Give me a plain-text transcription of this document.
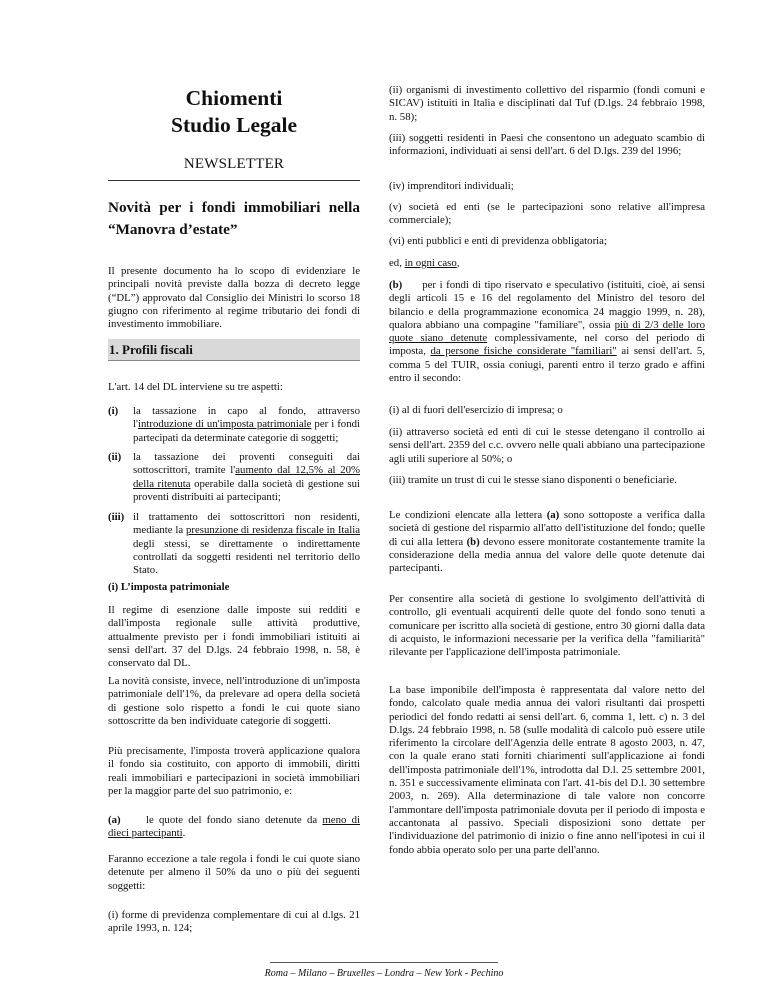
Chiomenti
Studio Legale
NEWSLETTER
Novità per i fondi immobiliari nella “Manovra d’estate”

Il presente documento ha lo scopo di evidenziare le principali novità previste dalla bozza di decreto legge (“DL”) approvato dal Consiglio dei Ministri lo scorso 18 giugno con riferimento al regime tributario dei fondi di investimento immobiliare.

1. Profili fiscali

L'art. 14 del DL interviene su tre aspetti:

(i) la tassazione in capo al fondo, attraverso l'introduzione di un'imposta patrimoniale per i fondi partecipati da determinate categorie di soggetti;

(ii) la tassazione dei proventi conseguiti dai sottoscrittori, tramite l'aumento dal 12,5% al 20% della ritenuta operabile dalla società di gestione sui proventi distribuiti ai partecipanti;

(iii) il trattamento dei sottoscrittori non residenti, mediante la presunzione di residenza fiscale in Italia degli stessi, se direttamente o indirettamente controllati da soggetti residenti nel territorio dello Stato.

(i) L’imposta patrimoniale

Il regime di esenzione dalle imposte sui redditi e dall'imposta regionale sulle attività produttive, attualmente previsto per i fondi immobiliari istituiti ai sensi dell'art. 37 del D.lgs. 24 febbraio 1998, n. 58, è conservato dal DL.

La novità consiste, invece, nell'introduzione di un'imposta patrimoniale dell'1%, da prelevare ad opera della società di gestione solo rispetto a fondi le cui quote siano sottoscritte da ben individuate categorie di soggetti.

Più precisamente, l'imposta troverà applicazione qualora il fondo sia costituito, con apporto di immobili, diritti reali immobiliari e partecipazioni in società immobiliari per la maggior parte del suo patrimonio, e:

(a)	le quote del fondo siano detenute da meno di dieci partecipanti.

Faranno eccezione a tale regola i fondi le cui quote siano detenute per almeno il 50% da uno o più dei seguenti soggetti:

(i) forme di previdenza complementare di cui al d.lgs. 21 aprile 1993, n. 124;

(ii) organismi di investimento collettivo del risparmio (fondi comuni e SICAV) istituiti in Italia e disciplinati dal Tuf (D.lgs. 24 febbraio 1998, n. 58);

(iii) soggetti residenti in Paesi che consentono un adeguato scambio di informazioni, individuati ai sensi dell'art. 6 del D.lgs. 239 del 1996;

(iv) imprenditori individuali;

(v) società ed enti (se le partecipazioni sono relative all'impresa commerciale);

(vi) enti pubblici e enti di previdenza obbligatoria;

ed, in ogni caso,

(b) per i fondi di tipo riservato e speculativo (istituiti, cioè, ai sensi degli articoli 15 e 16 del regolamento del Ministro del tesoro del bilancio e della programmazione economica 24 maggio 1999, n. 28), qualora abbiano una compagine "familiare", ossia più di 2/3 delle loro quote siano detenute complessivamente, nel corso del periodo di imposta, da persone fisiche considerate "familiari" ai sensi dell'art. 5, comma 5 del TUIR, ossia coniugi, parenti entro il terzo grado e affini entro il secondo:

(i) al di fuori dell'esercizio di impresa; o

(ii) attraverso società ed enti di cui le stesse detengano il controllo ai sensi dell'art. 2359 del c.c. ovvero nelle quali abbiano una partecipazione agli utili superiore al 50%; o

(iii) tramite un trust di cui le stesse siano disponenti o beneficiarie.

Le condizioni elencate alla lettera (a) sono sottoposte a verifica dalla società di gestione del risparmio all'atto dell'istituzione del fondo; quelle di cui alla lettera (b) devono essere monitorate costantemente tramite la considerazione della media annua del valore delle quote detenute dai partecipanti.

Per consentire alla società di gestione lo svolgimento dell'attività di controllo, gli eventuali acquirenti delle quote del fondo sono tenuti a comunicare per iscritto alla società di gestione, entro 30 giorni dalla data di acquisto, le informazioni necessarie per la verifica della "familiarità" rilevante per l'applicazione dell'imposta patrimoniale.

La base imponibile dell'imposta è rappresentata dal valore netto del fondo, calcolato quale media annua dei valori risultanti dai prospetti periodici del fondo redatti ai sensi dell'art. 6, comma 1, lett. c) n. 3 del D.lgs. 24 febbraio 1998, n. 58 (sulle modalità di calcolo può essere utile riferimento la circolare dell'Agenzia delle entrate 8 agosto 2003, n. 47, con la quale erano stati forniti chiarimenti sull'applicazione ai fondi dell'imposta patrimoniale dell'1%, introdotta dal D.l. 25 settembre 2001, n. 351 e successivamente eliminata con l'art. 41-bis del D.l. 30 settembre 2003, n. 269). Alla determinazione di tale valore non concorre l'ammontare dell'imposta patrimoniale dovuta per il periodo di imposta e accantonata al passivo. Speciali disposizioni sono dettate per l'individuazione del patrimonio di inizio o fine anno nell'ipotesi in cui il fondo abbia operato solo per una parte dell'anno.

Roma – Milano – Bruxelles – Londra – New York - Pechino
